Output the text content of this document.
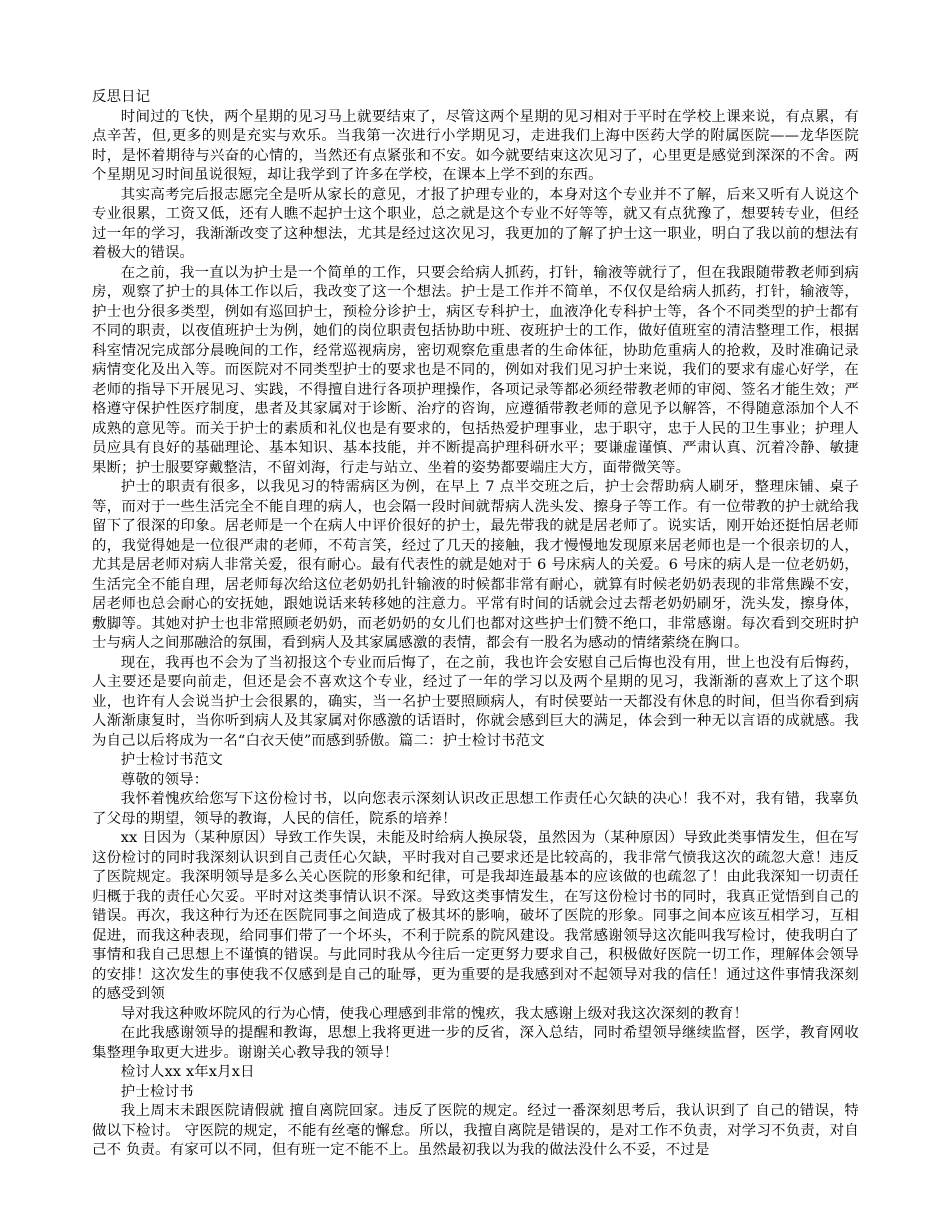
反思日记

时间过的飞快，两个星期的见习马上就要结束了，尽管这两个星期的见习相对于平时在学校上课来说，有点累，有点辛苦，但,更多的则是充实与欢乐。当我第一次进行小学期见习，走进我们上海中医药大学的附属医院——龙华医院时，是怀着期待与兴奋的心情的，当然还有点紧张和不安。如今就要结束这次见习了，心里更是感觉到深深的不舍。两个星期见习时间虽说很短，却让我学到了许多在学校，在课本上学不到的东西。

其实高考完后报志愿完全是听从家长的意见，才报了护理专业的，本身对这个专业并不了解，后来又听有人说这个专业很累，工资又低，还有人瞧不起护士这个职业，总之就是这个专业不好等等，就又有点犹豫了，想要转专业，但经过一年的学习，我渐渐改变了这种想法，尤其是经过这次见习，我更加的了解了护士这一职业，明白了我以前的想法有着极大的错误。

在之前，我一直以为护士是一个简单的工作，只要会给病人抓药，打针，输液等就行了，但在我跟随带教老师到病房，观察了护士的具体工作以后，我改变了这一个想法。护士是工作并不简单，不仅仅是给病人抓药，打针，输液等，护士也分很多类型，例如有巡回护士，预检分诊护士，病区专科护士，血液净化专科护士等，各个不同类型的护士都有不同的职责，以夜值班护士为例，她们的岗位职责包括协助中班、夜班护士的工作，做好值班室的清洁整理工作，根据科室情况完成部分晨晚间的工作，经常巡视病房，密切观察危重患者的生命体征，协助危重病人的抢救，及时准确记录病情变化及出入等。而医院对不同类型护士的要求也是不同的，例如对我们见习护士来说，我们的要求有虚心好学，在老师的指导下开展见习、实践，不得擅自进行各项护理操作，各项记录等都必须经带教老师的审阅、签名才能生效；严格遵守保护性医疗制度，患者及其家属对于诊断、治疗的咨询，应遵循带教老师的意见予以解答，不得随意添加个人不成熟的意见等。而关于护士的素质和礼仪也是有要求的，包括热爱护理事业，忠于职守，忠于人民的卫生事业；护理人员应具有良好的基础理论、基本知识、基本技能，并不断提高护理科研水平；要谦虚谨慎、严肃认真、沉着冷静、敏捷果断；护士服要穿戴整洁，不留刘海，行走与站立、坐着的姿势都要端庄大方，面带微笑等。

护士的职责有很多，以我见习的特需病区为例，在早上 7 点半交班之后，护士会帮助病人刷牙，整理床铺、桌子等，而对于一些生活完全不能自理的病人，也会隔一段时间就帮病人洗头发、擦身子等工作。有一位带教的护士就给我留下了很深的印象。居老师是一个在病人中评价很好的护士，最先带我的就是居老师了。说实话，刚开始还挺怕居老师的，我觉得她是一位很严肃的老师，不苟言笑，经过了几天的接触，我才慢慢地发现原来居老师也是一个很亲切的人，尤其是居老师对病人非常关爱，很有耐心。最有代表性的就是她对于 6 号床病人的关爱。6 号床的病人是一位老奶奶，生活完全不能自理，居老师每次给这位老奶奶扎针输液的时候都非常有耐心，就算有时候老奶奶表现的非常焦躁不安，居老师也总会耐心的安抚她，跟她说话来转移她的注意力。平常有时间的话就会过去帮老奶奶刷牙，洗头发，擦身体，敷脚等。其她对护士也非常照顾老奶奶，而老奶奶的女儿们也都对这些护士们赞不绝口，非常感谢。每次看到交班时护士与病人之间那融洽的氛围，看到病人及其家属感激的表情，都会有一股名为感动的情绪萦绕在胸口。

现在，我再也不会为了当初报这个专业而后悔了，在之前，我也许会安慰自己后悔也没有用，世上也没有后悔药，人主要还是要向前走，但还是会不喜欢这个专业，经过了一年的学习以及两个星期的见习，我渐渐的喜欢上了这个职业，也许有人会说当护士会很累的，确实，当一名护士要照顾病人，有时侯要站一天都没有休息的时间，但当你看到病人渐渐康复时，当你听到病人及其家属对你感激的话语时，你就会感到巨大的满足，体会到一种无以言语的成就感。我为自己以后将成为一名“白衣天使”而感到骄傲。篇二：护士检讨书范文

护士检讨书范文

尊敬的领导：

我怀着愧疚给您写下这份检讨书，以向您表示深刻认识改正思想工作责任心欠缺的决心！我不对，我有错，我辜负了父母的期望，领导的教诲，人民的信任，院系的培养！

xx 日因为（某种原因）导致工作失误，未能及时给病人换尿袋，虽然因为（某种原因）导致此类事情发生，但在写这份检讨的同时我深刻认识到自己责任心欠缺，平时我对自己要求还是比较高的，我非常气愤我这次的疏忽大意！违反了医院规定。我深明领导是多么关心医院的形象和纪律，可是我却连最基本的应该做的也疏忽了！由此我深知一切责任归概于我的责任心欠妥。平时对这类事情认识不深。导致这类事情发生，在写这份检讨书的同时，我真正觉悟到自己的错误。再次，我这种行为还在医院同事之间造成了极其坏的影响，破坏了医院的形象。同事之间本应该互相学习，互相促进，而我这种表现，给同事们带了一个坏头，不利于院系的院风建设。我常感谢领导这次能叫我写检讨，使我明白了事情和我自己思想上不谨慎的错误。与此同时我从今往后一定更努力要求自己，积极做好医院一切工作，理解体会领导的安排！这次发生的事使我不仅感到是自己的耻辱，更为重要的是我感到对不起领导对我的信任！通过这件事情我深刻的感受到领

导对我这种败坏院风的行为心情，使我心理感到非常的愧疚，我太感谢上级对我这次深刻的教育！

在此我感谢领导的提醒和教诲，思想上我将更进一步的反省，深入总结，同时希望领导继续监督，医学，教育网收集整理争取更大进步。谢谢关心教导我的领导！

检讨人xx x年x月x日

护士检讨书

我上周末未跟医院请假就 擅自离院回家。违反了医院的规定。经过一番深刻思考后，我认识到了 自己的错误，特做以下检讨。 守医院的规定，不能有丝毫的懈怠。所以，我擅自离院是错误的，是对工作不负责，对学习不负责，对自己不 负责。有家可以不同，但有班一定不能不上。虽然最初我以为我的做法没什么不妥，不过是
